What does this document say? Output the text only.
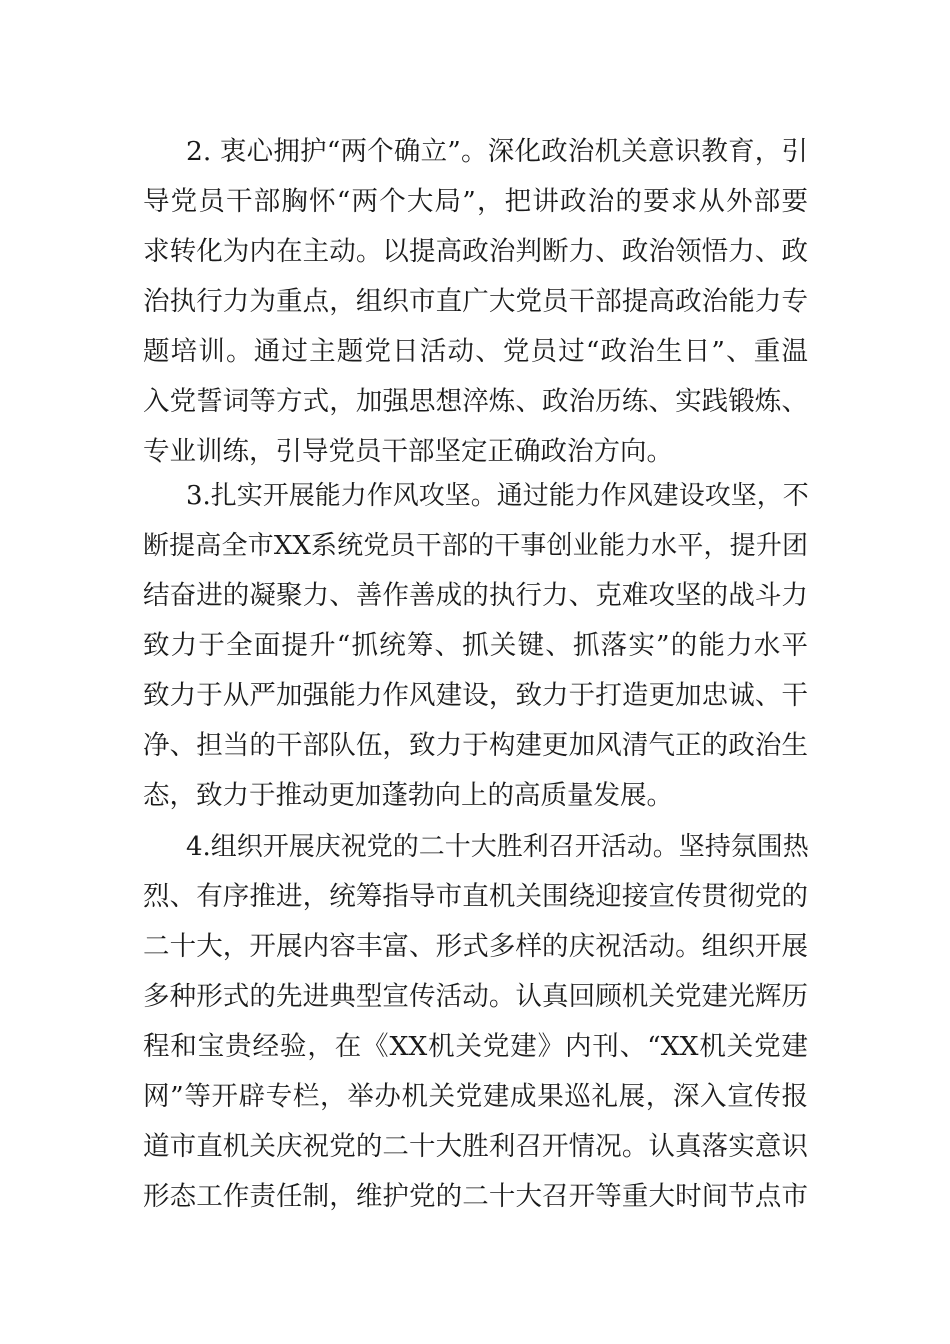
2. 衷心拥护“两个确立”。深化政治机关意识教育，引
导党员干部胸怀“两个大局”，把讲政治的要求从外部要
求转化为内在主动。以提高政治判断力、政治领悟力、政
治执行力为重点，组织市直广大党员干部提高政治能力专
题培训。通过主题党日活动、党员过“政治生日”、重温
入党誓词等方式，加强思想淬炼、政治历练、实践锻炼、
专业训练，引导党员干部坚定正确政治方向。
3.扎实开展能力作风攻坚。通过能力作风建设攻坚，不
断提高全市XX系统党员干部的干事创业能力水平，提升团
结奋进的凝聚力、善作善成的执行力、克难攻坚的战斗力
致力于全面提升“抓统筹、抓关键、抓落实”的能力水平
致力于从严加强能力作风建设，致力于打造更加忠诚、干
净、担当的干部队伍，致力于构建更加风清气正的政治生
态，致力于推动更加蓬勃向上的高质量发展。
4.组织开展庆祝党的二十大胜利召开活动。坚持氛围热
烈、有序推进，统筹指导市直机关围绕迎接宣传贯彻党的
二十大，开展内容丰富、形式多样的庆祝活动。组织开展
多种形式的先进典型宣传活动。认真回顾机关党建光辉历
程和宝贵经验，在《XX机关党建》内刊、“XX机关党建
网”等开辟专栏，举办机关党建成果巡礼展，深入宣传报
道市直机关庆祝党的二十大胜利召开情况。认真落实意识
形态工作责任制，维护党的二十大召开等重大时间节点市
